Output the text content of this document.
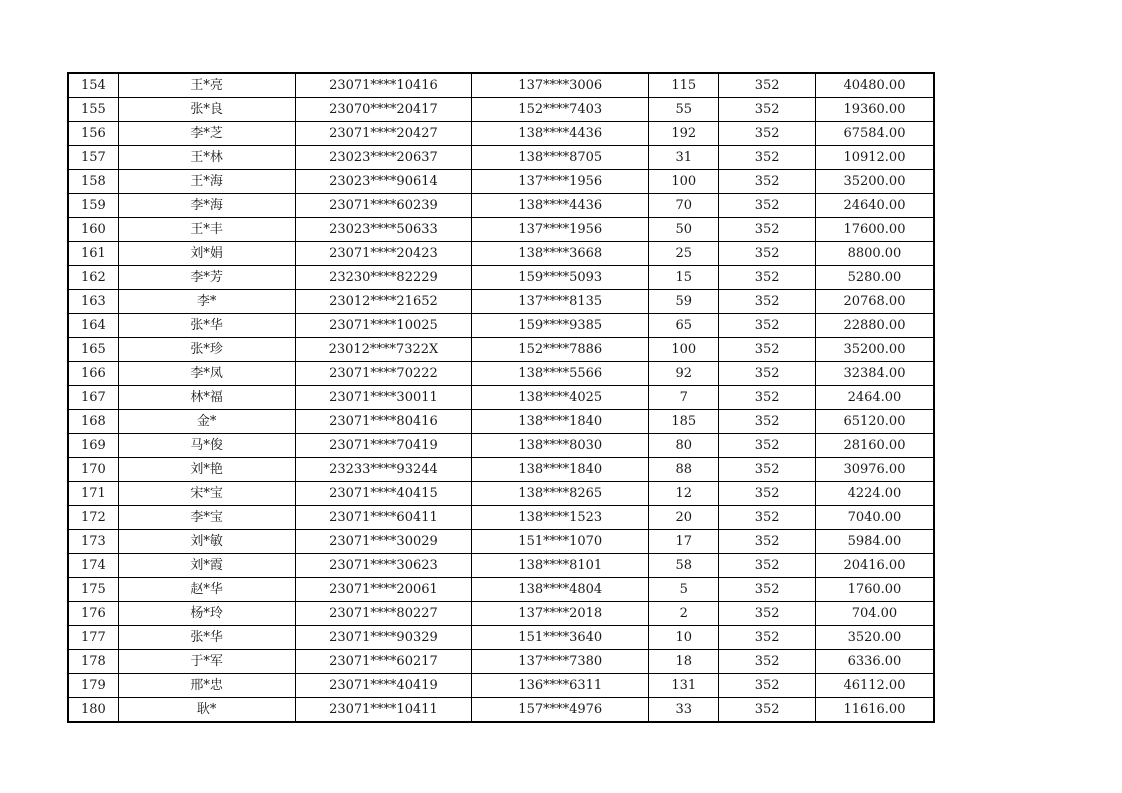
154	王*亮	23071****10416	137****3006	115	352	40480.00
155	张*良	23070****20417	152****7403	55	352	19360.00
156	李*芝	23071****20427	138****4436	192	352	67584.00
157	王*林	23023****20637	138****8705	31	352	10912.00
158	王*海	23023****90614	137****1956	100	352	35200.00
159	李*海	23071****60239	138****4436	70	352	24640.00
160	王*丰	23023****50633	137****1956	50	352	17600.00
161	刘*娟	23071****20423	138****3668	25	352	8800.00
162	李*芳	23230****82229	159****5093	15	352	5280.00
163	李*	23012****21652	137****8135	59	352	20768.00
164	张*华	23071****10025	159****9385	65	352	22880.00
165	张*珍	23012****7322X	152****7886	100	352	35200.00
166	李*凤	23071****70222	138****5566	92	352	32384.00
167	林*福	23071****30011	138****4025	7	352	2464.00
168	金*	23071****80416	138****1840	185	352	65120.00
169	马*俊	23071****70419	138****8030	80	352	28160.00
170	刘*艳	23233****93244	138****1840	88	352	30976.00
171	宋*宝	23071****40415	138****8265	12	352	4224.00
172	李*宝	23071****60411	138****1523	20	352	7040.00
173	刘*敏	23071****30029	151****1070	17	352	5984.00
174	刘*霞	23071****30623	138****8101	58	352	20416.00
175	赵*华	23071****20061	138****4804	5	352	1760.00
176	杨*玲	23071****80227	137****2018	2	352	704.00
177	张*华	23071****90329	151****3640	10	352	3520.00
178	于*军	23071****60217	137****7380	18	352	6336.00
179	邢*忠	23071****40419	136****6311	131	352	46112.00
180	耿*	23071****10411	157****4976	33	352	11616.00
